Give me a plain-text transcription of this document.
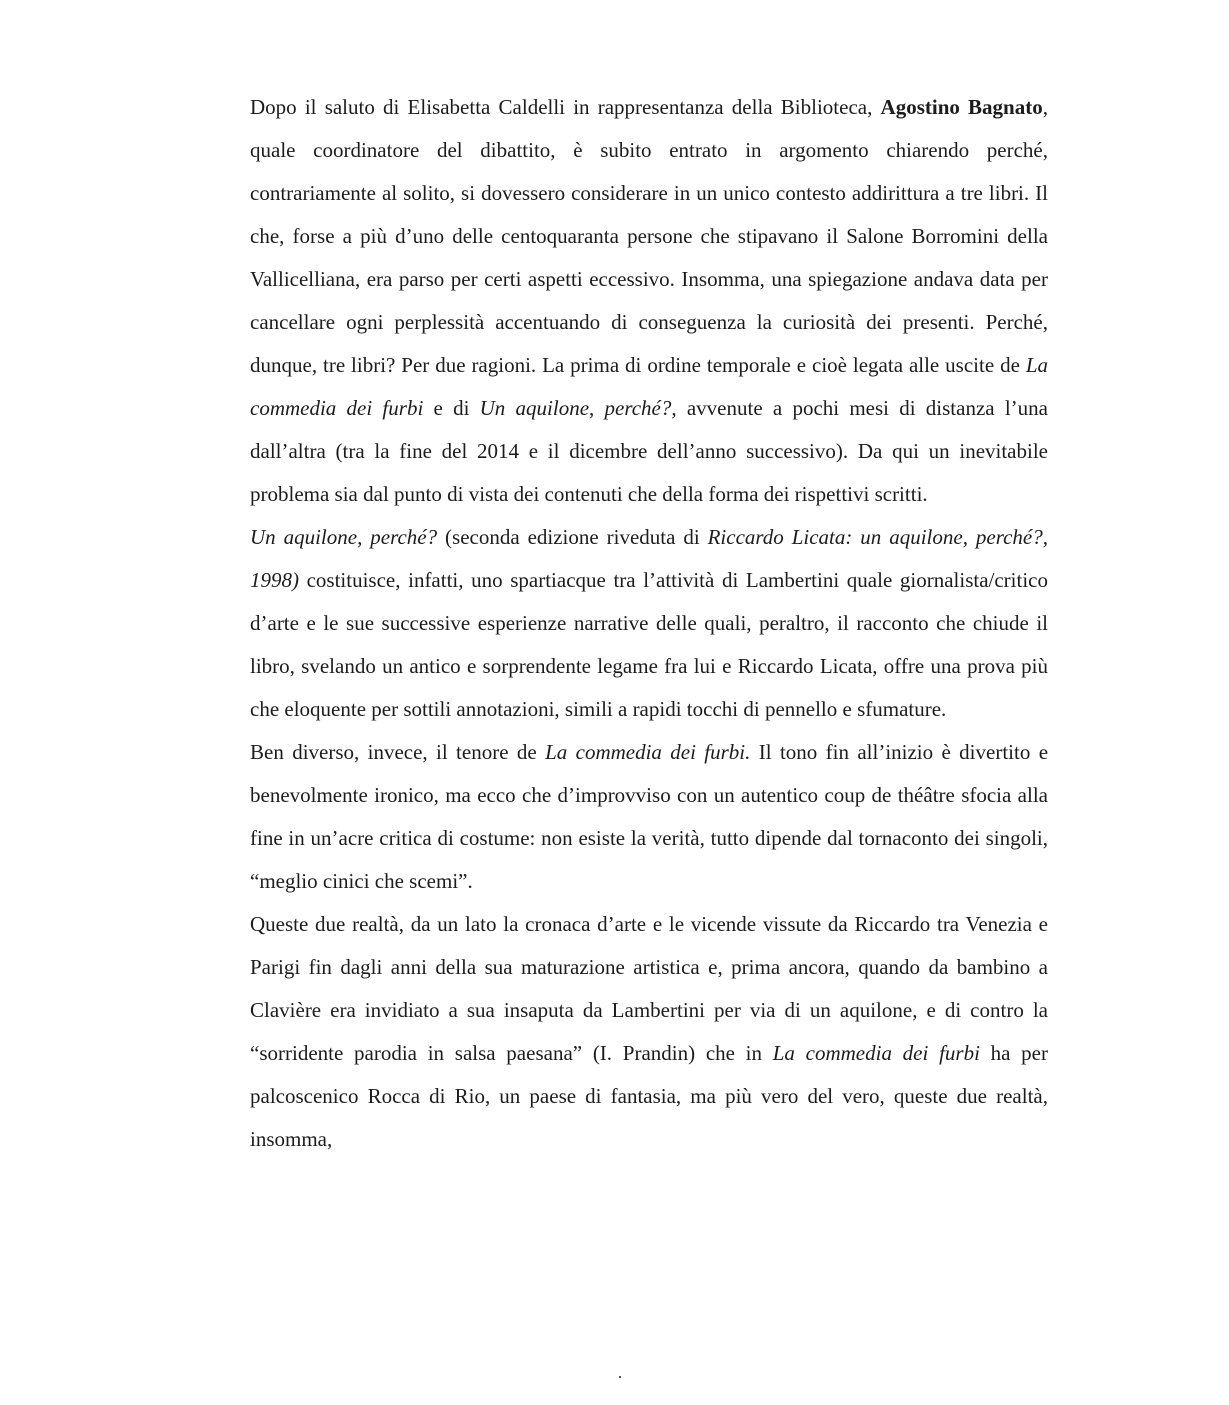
Dopo il saluto di Elisabetta Caldelli in rappresentanza della Biblioteca, Agostino Bagnato, quale coordinatore del dibattito, è subito entrato in argomento chiarendo perché, contrariamente al solito, si dovessero considerare in un unico contesto addirittura a tre libri. Il che, forse a più d’uno delle centoquaranta persone che stipavano il Salone Borromini della Vallicelliana, era parso per certi aspetti eccessivo. Insomma, una spiegazione andava data per cancellare ogni perplessità accentuando di conseguenza la curiosità dei presenti. Perché, dunque, tre libri? Per due ragioni. La prima di ordine temporale e cioè legata alle uscite de La commedia dei furbi e di Un aquilone, perché?, avvenute a pochi mesi di distanza l’una dall’altra (tra la fine del 2014 e il dicembre dell’anno successivo). Da qui un inevitabile problema sia dal punto di vista dei contenuti che della forma dei rispettivi scritti.

Un aquilone, perché? (seconda edizione riveduta di Riccardo Licata: un aquilone, perché?, 1998) costituisce, infatti, uno spartiacque tra l’attività di Lambertini quale giornalista/critico d’arte e le sue successive esperienze narrative delle quali, peraltro, il racconto che chiude il libro, svelando un antico e sorprendente legame fra lui e Riccardo Licata, offre una prova più che eloquente per sottili annotazioni, simili a rapidi tocchi di pennello e sfumature.

Ben diverso, invece, il tenore de La commedia dei furbi. Il tono fin all’inizio è divertito e benevolmente ironico, ma ecco che d’improvviso con un autentico coup de théâtre sfocia alla fine in un’acre critica di costume: non esiste la verità, tutto dipende dal tornaconto dei singoli, “meglio cinici che scemi”.

Queste due realtà, da un lato la cronaca d’arte e le vicende vissute da Riccardo tra Venezia e Parigi fin dagli anni della sua maturazione artistica e, prima ancora, quando da bambino a Clavière era invidiato a sua insaputa da Lambertini per via di un aquilone, e di contro la “sorridente parodia in salsa paesana” (I. Prandin) che in La commedia dei furbi ha per palcoscenico Rocca di Rio, un paese di fantasia, ma più vero del vero, queste due realtà, insomma,
